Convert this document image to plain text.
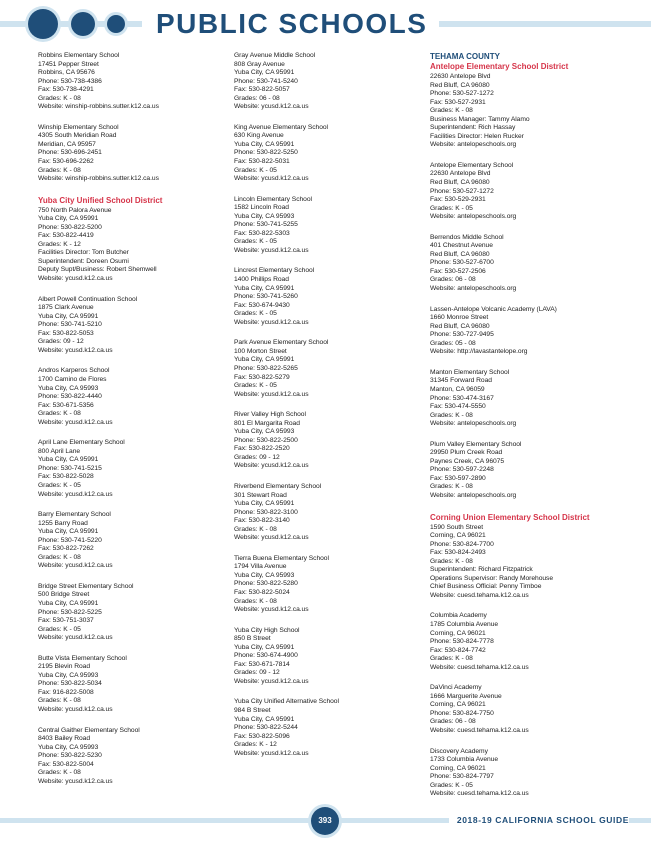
PUBLIC SCHOOLS
Robbins Elementary School
17451 Pepper Street
Robbins, CA 95676
Phone: 530-738-4386
Fax: 530-738-4291
Grades: K - 08
Website: winship-robbins.sutter.k12.ca.us
Winship Elementary School
4305 South Meridian Road
Meridian, CA 95957
Phone: 530-696-2451
Fax: 530-696-2262
Grades: K - 08
Website: winship-robbins.sutter.k12.ca.us
Yuba City Unified School District
750 North Palora Avenue
Yuba City, CA 95991
Phone: 530-822-5200
Fax: 530-822-4419
Grades: K - 12
Facilities Director: Tom Butcher
Superintendent: Doreen Osumi
Deputy Supt/Business: Robert Shemwell
Website: ycusd.k12.ca.us
Albert Powell Continuation School
1875 Clark Avenue
Yuba City, CA 95991
Phone: 530-741-5210
Fax: 530-822-5053
Grades: 09 - 12
Website: ycusd.k12.ca.us
Andros Karperos School
1700 Camino de Flores
Yuba City, CA 95993
Phone: 530-822-4440
Fax: 530-671-5356
Grades: K - 08
Website: ycusd.k12.ca.us
April Lane Elementary School
800 April Lane
Yuba City, CA 95991
Phone: 530-741-5215
Fax: 530-822-5028
Grades: K - 05
Website: ycusd.k12.ca.us
Barry Elementary School
1255 Barry Road
Yuba City, CA 95991
Phone: 530-741-5220
Fax: 530-822-7262
Grades: K - 08
Website: ycusd.k12.ca.us
Bridge Street Elementary School
500 Bridge Street
Yuba City, CA 95991
Phone: 530-822-5225
Fax: 530-751-3037
Grades: K - 05
Website: ycusd.k12.ca.us
Butte Vista Elementary School
2195 Blevin Road
Yuba City, CA 95993
Phone: 530-822-5034
Fax: 916-822-5008
Grades: K - 08
Website: ycusd.k12.ca.us
Central Gaither Elementary School
8403 Bailey Road
Yuba City, CA 95993
Phone: 530-822-5230
Fax: 530-822-5004
Grades: K - 08
Website: ycusd.k12.ca.us
Gray Avenue Middle School
808 Gray Avenue
Yuba City, CA 95991
Phone: 530-741-5240
Fax: 530-822-5057
Grades: 06 - 08
Website: ycusd.k12.ca.us
King Avenue Elementary School
630 King Avenue
Yuba City, CA 95991
Phone: 530-822-5250
Fax: 530-822-5031
Grades: K - 05
Website: ycusd.k12.ca.us
Lincoln Elementary School
1582 Lincoln Road
Yuba City, CA 95993
Phone: 530-741-5255
Fax: 530-822-5303
Grades: K - 05
Website: ycusd.k12.ca.us
Lincrest Elementary School
1400 Phillips Road
Yuba City, CA 95991
Phone: 530-741-5260
Fax: 530-674-9430
Grades: K - 05
Website: ycusd.k12.ca.us
Park Avenue Elementary School
100 Morton Street
Yuba City, CA 95991
Phone: 530-822-5265
Fax: 530-822-5279
Grades: K - 05
Website: ycusd.k12.ca.us
River Valley High School
801 El Margarita Road
Yuba City, CA 95993
Phone: 530-822-2500
Fax: 530-822-2520
Grades: 09 - 12
Website: ycusd.k12.ca.us
Riverbend Elementary School
301 Stewart Road
Yuba City, CA 95991
Phone: 530-822-3100
Fax: 530-822-3140
Grades: K - 08
Website: ycusd.k12.ca.us
Tierra Buena Elementary School
1794 Villa Avenue
Yuba City, CA 95993
Phone: 530-822-5280
Fax: 530-822-5024
Grades: K - 08
Website: ycusd.k12.ca.us
Yuba City High School
850 B Street
Yuba City, CA 95991
Phone: 530-674-4900
Fax: 530-671-7814
Grades: 09 - 12
Website: ycusd.k12.ca.us
Yuba City Unified Alternative School
984 B Street
Yuba City, CA 95991
Phone: 530-822-5244
Fax: 530-822-5096
Grades: K - 12
Website: ycusd.k12.ca.us
TEHAMA COUNTY
Antelope Elementary School District
22630 Antelope Blvd
Red Bluff, CA 96080
Phone: 530-527-1272
Fax: 530-527-2931
Grades: K - 08
Business Manager: Tammy Alamo
Superintendent: Rich Hassay
Facilities Director: Helen Rucker
Website: antelopeschools.org
Antelope Elementary School
22630 Antelope Blvd
Red Bluff, CA 96080
Phone: 530-527-1272
Fax: 530-529-2931
Grades: K - 05
Website: antelopeschools.org
Berrendos Middle School
401 Chestnut Avenue
Red Bluff, CA 96080
Phone: 530-527-6700
Fax: 530-527-2506
Grades: 06 - 08
Website: antelopeschools.org
Lassen-Antelope Volcanic Academy (LAVA)
1660 Monroe Street
Red Bluff, CA 96080
Phone: 530-727-9495
Grades: 05 - 08
Website: http://lavastantelope.org
Manton Elementary School
31345 Forward Road
Manton, CA 96059
Phone: 530-474-3167
Fax: 530-474-5550
Grades: K - 08
Website: antelopeschools.org
Plum Valley Elementary School
29950 Plum Creek Road
Paynes Creek, CA 96075
Phone: 530-597-2248
Fax: 530-597-2890
Grades: K - 08
Website: antelopeschools.org
Corning Union Elementary School District
1590 South Street
Corning, CA 96021
Phone: 530-824-7700
Fax: 530-824-2493
Grades: K - 08
Superintendent: Richard Fitzpatrick
Operations Supervisor: Randy Morehouse
Chief Business Official: Penny Timboe
Website: cuesd.tehama.k12.ca.us
Columbia Academy
1785 Columbia Avenue
Corning, CA 96021
Phone: 530-824-7778
Fax: 530-824-7742
Grades: K - 08
Website: cuesd.tehama.k12.ca.us
DaVinci Academy
1666 Marguerite Avenue
Corning, CA 96021
Phone: 530-824-7750
Grades: 06 - 08
Website: cuesd.tehama.k12.ca.us
Discovery Academy
1733 Columbia Avenue
Corning, CA 96021
Phone: 530-824-7797
Grades: K - 05
Website: cuesd.tehama.k12.ca.us
393	2018-19 CALIFORNIA SCHOOL GUIDE
